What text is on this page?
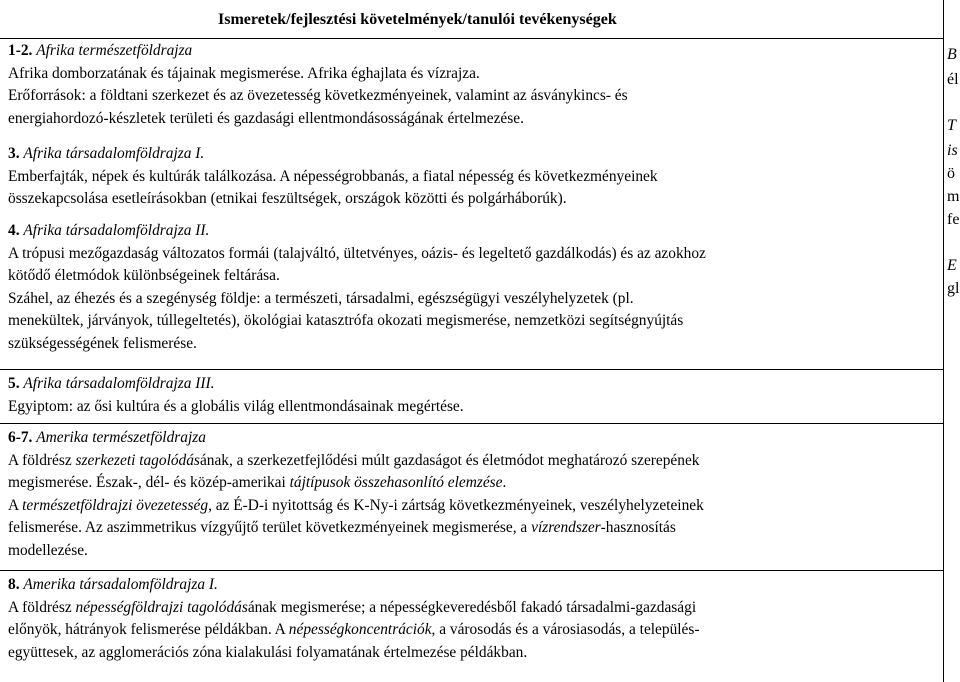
Ismeretek/fejlesztési követelmények/tanulói tevékenységek
1-2. Afrika természetföldrajza
Afrika domborzatának és tájainak megismerése. Afrika éghajlata és vízrajza.
Erőforrások: a földtani szerkezet és az övezetesség következményeinek, valamint az ásványkincs- és
energiahordozó-készletek területi és gazdasági ellentmondásosságának értelmezése.
3. Afrika társadalomföldrajza I.
Emberfajták, népek és kultúrák találkozása. A népességrobbanás, a fiatal népesség és következményeinek
összekapcsolása esetleírásokban (etnikai feszültségek, országok közötti és polgárháborúk).
4. Afrika társadalomföldrajza II.
A trópusi mezőgazdaság változatos formái (talajváltó, ültetvényes, oázis- és legeltető gazdálkodás) és az azokhoz
kötődő életmódok különbségeinek feltárása.
Száhel, az éhezés és a szegénység földje: a természeti, társadalmi, egészségügyi veszélyhelyzetek (pl.
menekültek, járványok, túllegeltetés), ökológiai katasztrófa okozati megismerése, nemzetközi segítségnyújtás
szükségességének felismerése.
5. Afrika társadalomföldrajza III.
Egyiptom: az ősi kultúra és a globális világ ellentmondásainak megértése.
6-7. Amerika természetföldrajza
A földrész szerkezeti tagolódásának, a szerkezetfejlődési múlt gazdaságot és életmódot meghatározó szerepének
megismerése. Észak-, dél- és közép-amerikai tájtípusok összehasonlító elemzése.
A természetföldrajzi övezetesség, az É-D-i nyitottság és K-Ny-i zártság következményeinek, veszélyhelyzeteinek
felismerése. Az aszimmetrikus vízgyűjtő terület következményeinek megismerése, a vízrendszer-hasznosítás
modellezése.
8. Amerika társadalomföldrajza I.
A földrész népességföldrajzi tagolódásának megismerése; a népességkeveredésből fakadó társadalmi-gazdasági
előnyök, hátrányok felismerése példákban. A népességkoncentrációk, a városodás és a városiasodás, a település-
együttesek, az agglomerációs zóna kialakulási folyamatának értelmezése példákban.
B
él
T
is
ö
m
fe
E
gl
